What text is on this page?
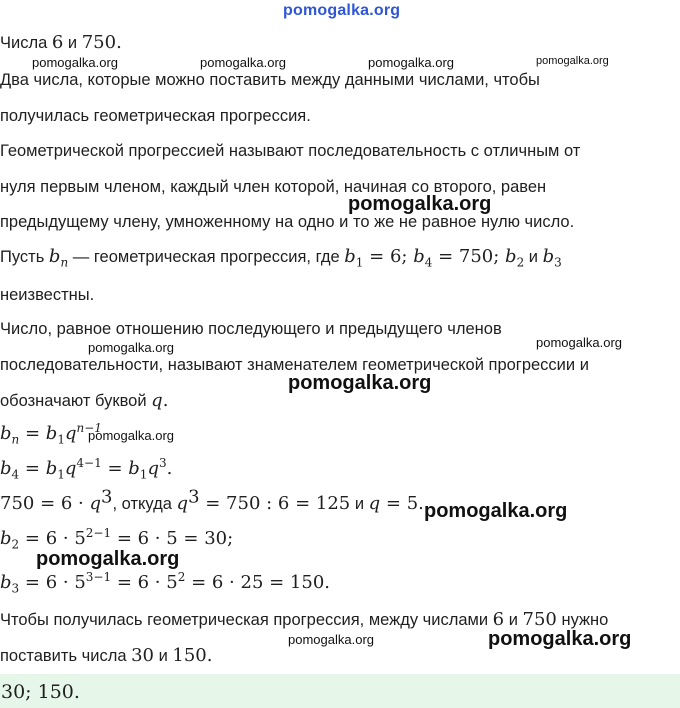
pomogalka.org
pomogalka.org	pomogalka.org	pomogalka.org	pomogalka.org
pomogalka.org
pomogalka.org	pomogalka.org
pomogalka.org
pomogalka.org
pomogalka.org
pomogalka.org
pomogalka.org	pomogalka.org
Числа 6 и 750.
Два числа, которые можно поставить между данными числами, чтобы
получилась геометрическая прогрессия.
Геометрической прогрессией называют последовательность с отличным от
нуля первым членом, каждый член которой, начиная со второго, равен
предыдущему члену, умноженному на одно и то же не равное нулю число.
Пусть $b_n$ — геометрическая прогрессия, где $b_1 = 6$; $b_4 = 750$; $b_2$ и $b_3$
неизвестны.
Число, равное отношению последующего и предыдущего членов
последовательности, называют знаменателем геометрической прогрессии и
обозначают буквой q.
$b_n = b_1q^{n-1}$
$b_4 = b_1q^{4-1} = b_1q^3$.
$750 = 6 \cdot q^3$, откуда $q^3 = 750$ : 6 = 125 и q = 5.
$b_2 = 6 \cdot 5^{2-1} = 6 \cdot 5 = 30$;
$b_3 = 6 \cdot 5^{3-1} = 6 \cdot 5^2 = 6 \cdot 25 = 150$.
Чтобы получилась геометрическая прогрессия, между числами 6 и 750 нужно
поставить числа 30 и 150.
30; 150.
